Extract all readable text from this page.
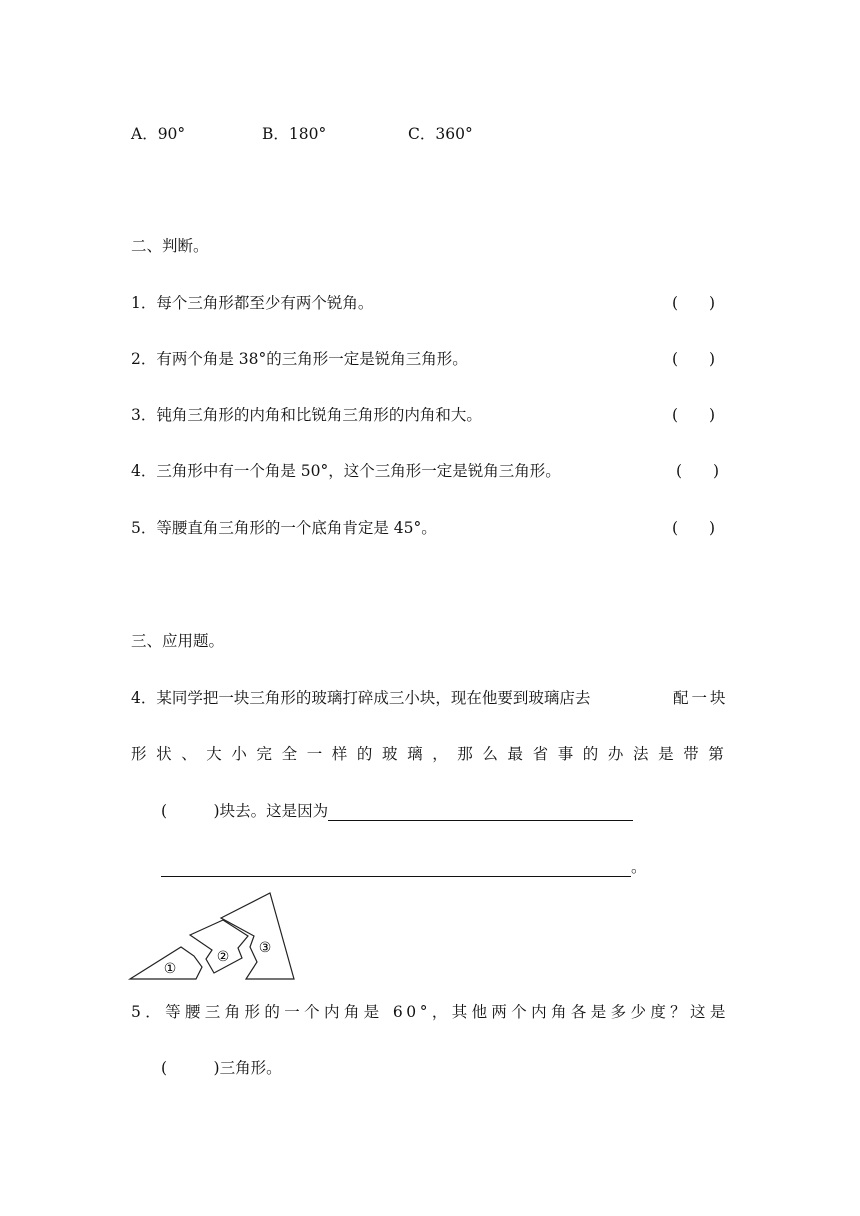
A．90°	B．180°	C．360°
二、判断。
1．每个三角形都至少有两个锐角。	(　　)
2．有两个角是 38°的三角形一定是锐角三角形。	(　　)
3．钝角三角形的内角和比锐角三角形的内角和大。	(　　)
4．三角形中有一个角是 50°，这个三角形一定是锐角三角形。	(　　)
5．等腰直角三角形的一个底角肯定是 45°。	(　　)
三、应用题。
4．某同学把一块三角形的玻璃打碎成三小块，现在他要到玻璃店去	配一块
形状、大小完全一样的玻璃，那么最省事的办法是带第
(　　　)块去。这是因为
。
①
②
③
5．等腰三角形的一个内角是 60°，其他两个内角各是多少度？这是
(　　　)三角形。
